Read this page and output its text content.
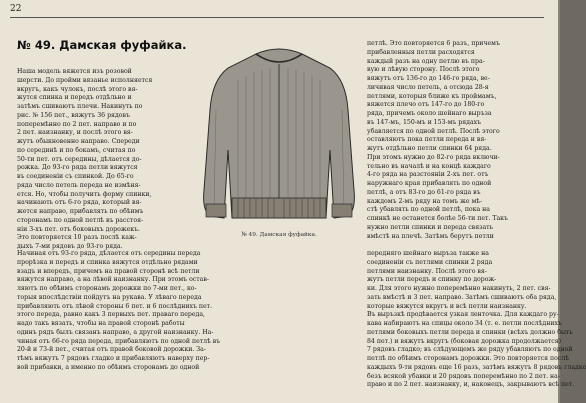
22
№ 49. Дамская фуфайка.
Наша модель вяжется изъ розовой
шерсти. До пройми вязанье исполняется
вкругъ, какъ чулокъ, послѣ этого вя-
жутся спинка и передъ отдѣльно и
затѣмъ сшиваютъ плечи. Накинуть по
рис. № 156 пет., вяжутъ 36 рядовъ
поперемѣнно по 2 пет. направо и по
2 пет. наизнанку, и послѣ этого вя-
жутъ обыкновенно направо. Спереди
по серединѣ и по бокамъ, считая по
50-ти пет. отъ середины, дѣлается до-
рожка. До 93-го ряда петли вяжутся
въ соединеніи съ спинкой. До 65-го
ряда число петель переда не измѣня-
ется. Но, чтобы получить форму спинки,
начинають отъ 6-го ряда, который вя-
жется направо, прибавлять по обѣимъ
сторонамъ по одной петлѣ въ расстоя-
ніи 3-хъ пет. отъ боковыхъ дорожекъ.
Это повторяется 10 разъ послѣ каж-
дыхъ 7-ми рядовъ до 93-го ряда.
№ 49. Дамская фуфайка.
петлѣ. Это повторяется 6 разъ, причемъ
прибавленныя петли расходятся
каждый разъ на одну петлю въ пра-
вую и лѣвую сторону. Послѣ этого
вяжутъ отъ 136-го до 146-го ряда, ве-
личивая число петель, а отсюда 28-я
петлями, которыя ближе къ проймамъ,
вяжется плечо отъ 147-го до 180-го
ряда, причемъ около шейнаго выръза
въ 147-мъ, 150-мъ и 153-мъ рядахъ
убавляется по одной петлѣ. Послѣ этого
оставляютъ пока петли переда и вя-
жутъ отдѣльно петли спинки 64 ряда.
При этомъ нужно до 82-го ряда включи-
тельно въ началѣ и на концѣ каждаго
4-го ряда на разстояніи 2-хъ пет. отъ
наружнаго края прибавлять по одной
петлѣ, а отъ 83-го до 61-го ряда въ
каждомъ 2-мъ ряду на томъ же мѣ-
стѣ убавлять по одной петлѣ, пока на
спинкѣ не останется болѣе 56-ти пет. Такъ
нужно петли спинки и переда связать
вмѣстѣ на плечѣ. Затѣмъ берутъ петли
Начиная отъ 93-го ряда, дѣлается отъ середины переда	передняго шейнаго выръза также на
прорѣзка и передъ и спинка вяжутся отдѣльно рядами	соединеніи съ петлями спинки 2 ряда
взадъ и впередъ, причемъ на правой сторонѣ всѣ петли	петлями наизнанку. Послѣ этого вя-
вяжутся направо, а на лѣвой наизнанку. При этомъ остав-	жутъ петли передъ и спинку по дорож-
ляютъ по обѣимъ сторонамъ дорожки по 7-ми пет., ко-	ки. Для этого нужно поперемѣнно накинуть, 2 пет. свя-
торыя впослѣдствіи пойдутъ на рукава. У лѣваго переда	зать вмѣстѣ и 3 пет. направо. Затѣмъ сшиваютъ оба ряда,
прибавляють отъ лѣвой стороны 6 пет. и 6 послѣднихъ пет.	которые вяжутся вкругъ и всѣ петли наизнанку.
этого переда, равно какъ 3 первыхъ пет. праваго переда,	Въ выръзкѣ продѣвается узкая ленточка. Для каждаго ру-
надо такъ вязать, чтобы на правой сторонѣ работы	кава набираютъ на спицы около 34 (т. е. петли послѣднихъ
одинъ рядъ былъ связанъ направо, а другой наизнанку. На-	петлями боковыхъ петли переда и спинки (всѣхъ должно быть
чиная отъ 66-го ряда переда, прибавляютъ по одной петлѣ въ	84 пет.) и вяжутъ вкругъ (боковая дорожка продолжается)
20-й и 73-й пет., считая отъ правой боковой дорожки. За-	7 рядовъ гладко; въ слѣдующемъ же ряду убавляютъ по одной
тѣмъ вяжутъ 7 рядовъ гладко и прибавляютъ наверху пер-	петлѣ по обѣимъ сторонамъ дорожки. Это повторяется послѣ
вой прибавки, а именно по обѣимъ сторонамъ до одной	каждыхъ 9-ти рядовъ еще 16 разъ, затѣмъ вяжутъ 8 рядовъ гладко
безъ всякой убавки и 20 рядовъ поперемѣнно по 2 пет. на-
право и по 2 пет. наизнанку, и, наконецъ, закрываютъ всѣ пет.
